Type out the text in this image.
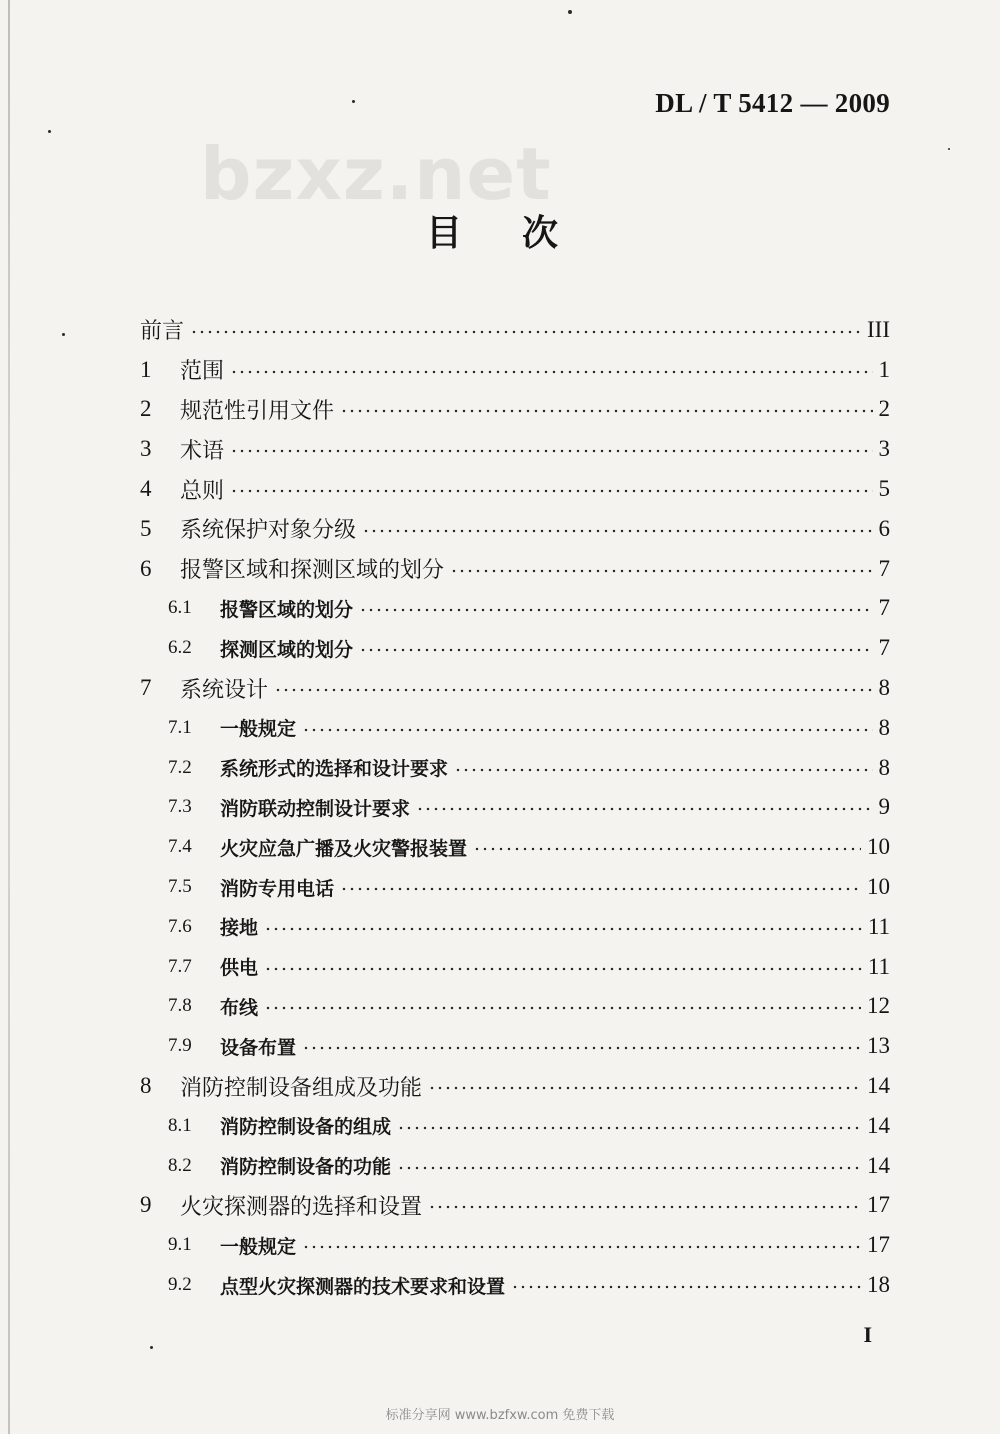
bzxz.net
DL / T 5412 — 2009
目次
前言	III
1	范围	1
2	规范性引用文件	2
3	术语	3
4	总则	5
5	系统保护对象分级	6
6	报警区域和探测区域的划分	7
6.1	报警区域的划分	7
6.2	探测区域的划分	7
7	系统设计	8
7.1	一般规定	8
7.2	系统形式的选择和设计要求	8
7.3	消防联动控制设计要求	9
7.4	火灾应急广播及火灾警报装置	10
7.5	消防专用电话	10
7.6	接地	11
7.7	供电	11
7.8	布线	12
7.9	设备布置	13
8	消防控制设备组成及功能	14
8.1	消防控制设备的组成	14
8.2	消防控制设备的功能	14
9	火灾探测器的选择和设置	17
9.1	一般规定	17
9.2	点型火灾探测器的技术要求和设置	18
I
标准分享网 www.bzfxw.com 免费下载
